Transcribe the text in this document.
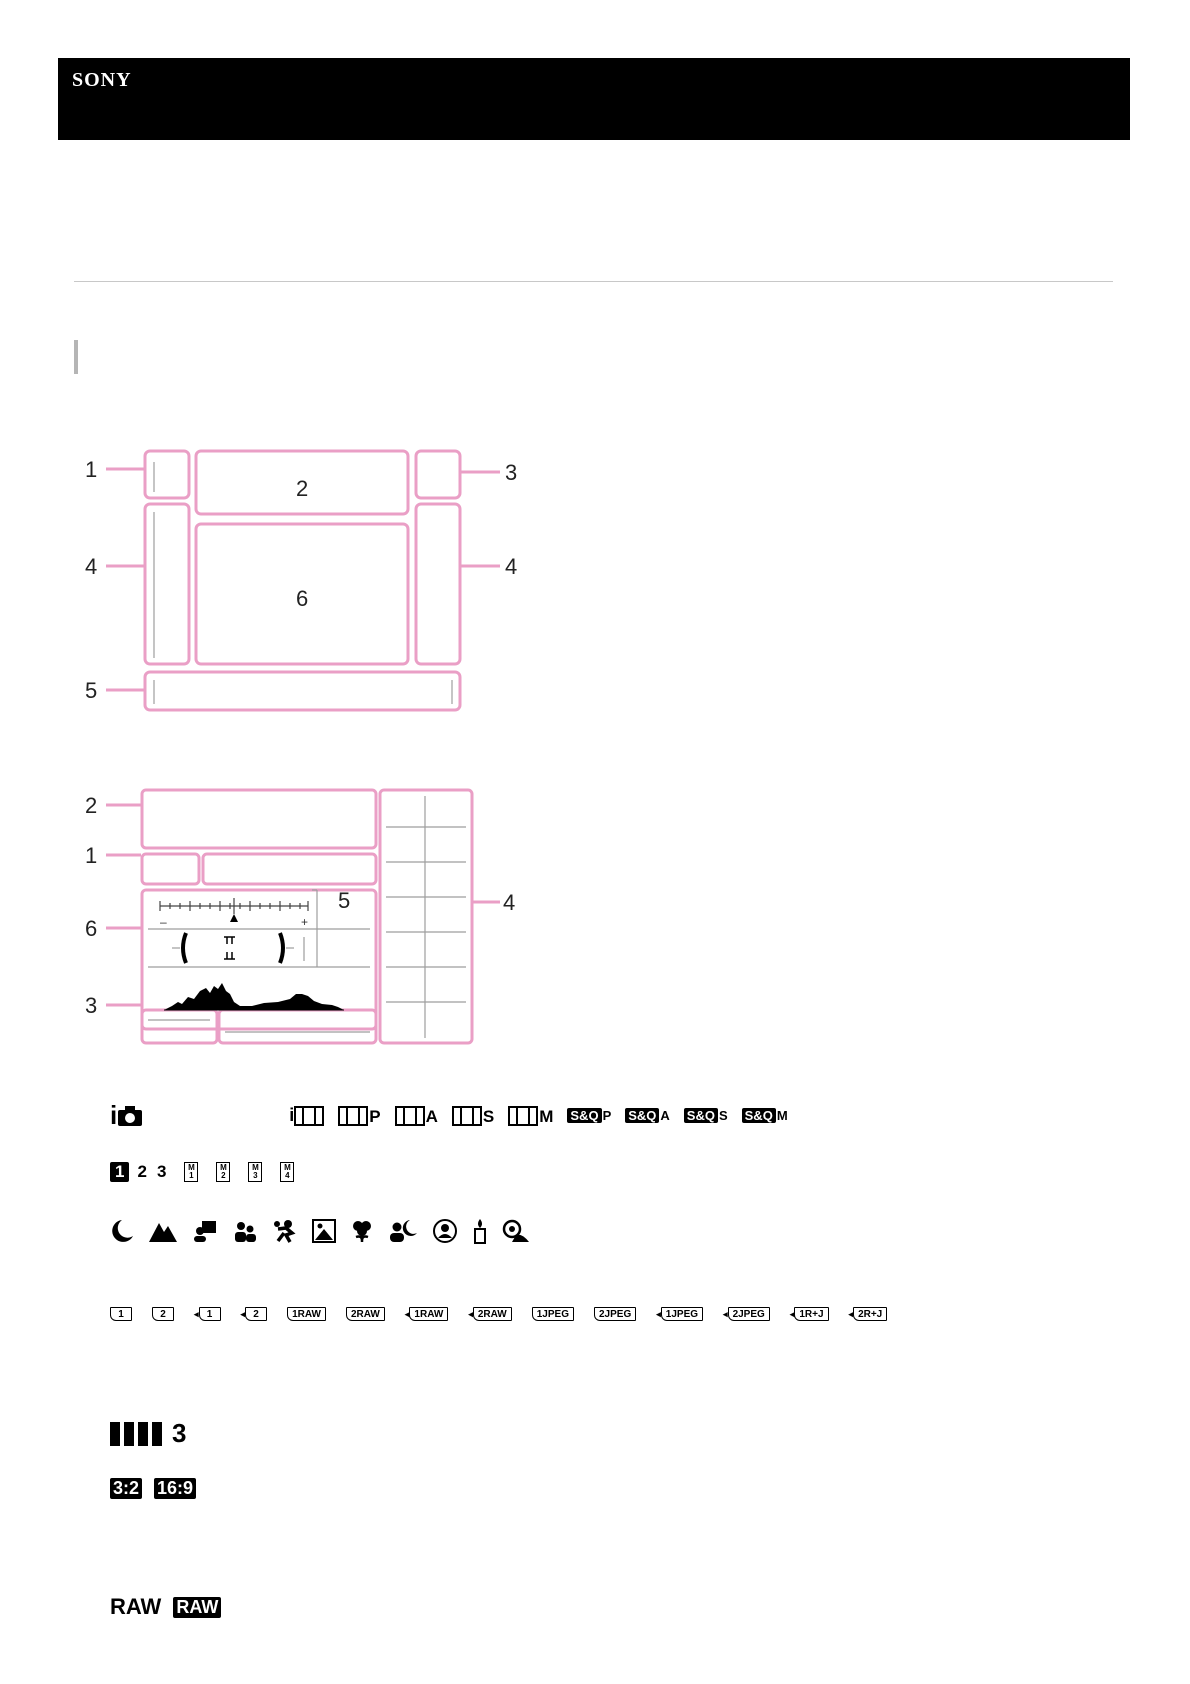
SONY
1
2
3
4
6
4
5
–	+
2
1
5	4
6
3
i	i	P	A	S	M S&Q P S&Q A S&Q S S&Q M
1 2 3	M
1
M
2
M
3
M
4
1	2	◂ 1	◂ 2	1RAW	2RAW	◂ 1RAW	◂ 2RAW	1JPEG	2JPEG	◂ 1JPEG	◂ 2JPEG	◂ 1R+J	◂ 2R+J
3
3:2 16:9
RAW RAW
